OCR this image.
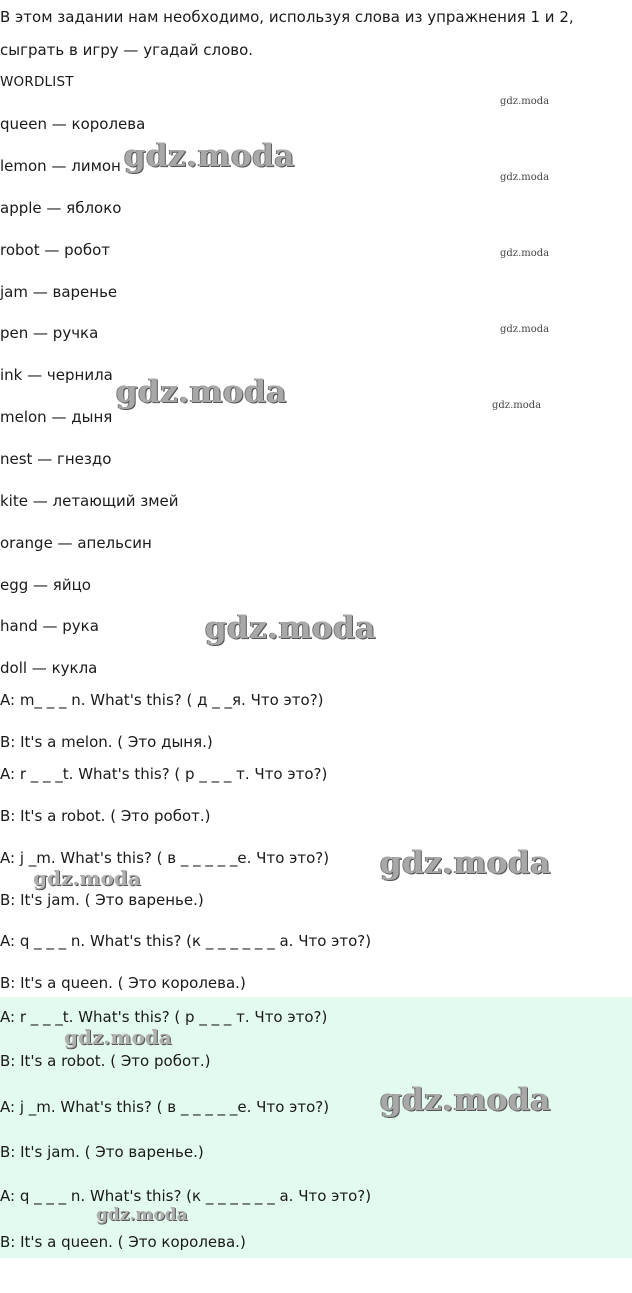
В этом задании нам необходимо, используя слова из упражнения 1 и 2,
сыграть в игру — угадай слово.
WORDLIST
queen — королева
lemon — лимон
apple — яблоко
robot — робот
jam — варенье
pen — ручка
ink — чернила
melon — дыня
nest — гнездо
kite — летающий змей
orange — апельсин
egg — яйцо
hand — рука
doll — кукла
A: m_ _ _ n. What's this? ( д _ _я. Что это?)
B: It's a melon. ( Это дыня.)
A: r _ _ _t. What's this? ( р _ _ _ т. Что это?)
B: It's a robot. ( Это робот.)
A: j _m. What's this? ( в _ _ _ _ _е. Что это?)
B: It's jam. ( Это варенье.)
A: q _ _ _ n. What's this? (к _ _ _ _ _ _ а. Что это?)
B: It's a queen. ( Это королева.)
A: r _ _ _t. What's this? ( р _ _ _ т. Что это?)
B: It's a robot. ( Это робот.)
A: j _m. What's this? ( в _ _ _ _ _е. Что это?)
B: It's jam. ( Это варенье.)
A: q _ _ _ n. What's this? (к _ _ _ _ _ _ а. Что это?)
B: It's a queen. ( Это королева.)
gdz.moda
gdz.moda
gdz.moda
gdz.moda
gdz.moda
gdz.moda
gdz.moda
gdz.moda
gdz.moda
gdz.moda
gdz.moda
gdz.moda
gdz.moda
